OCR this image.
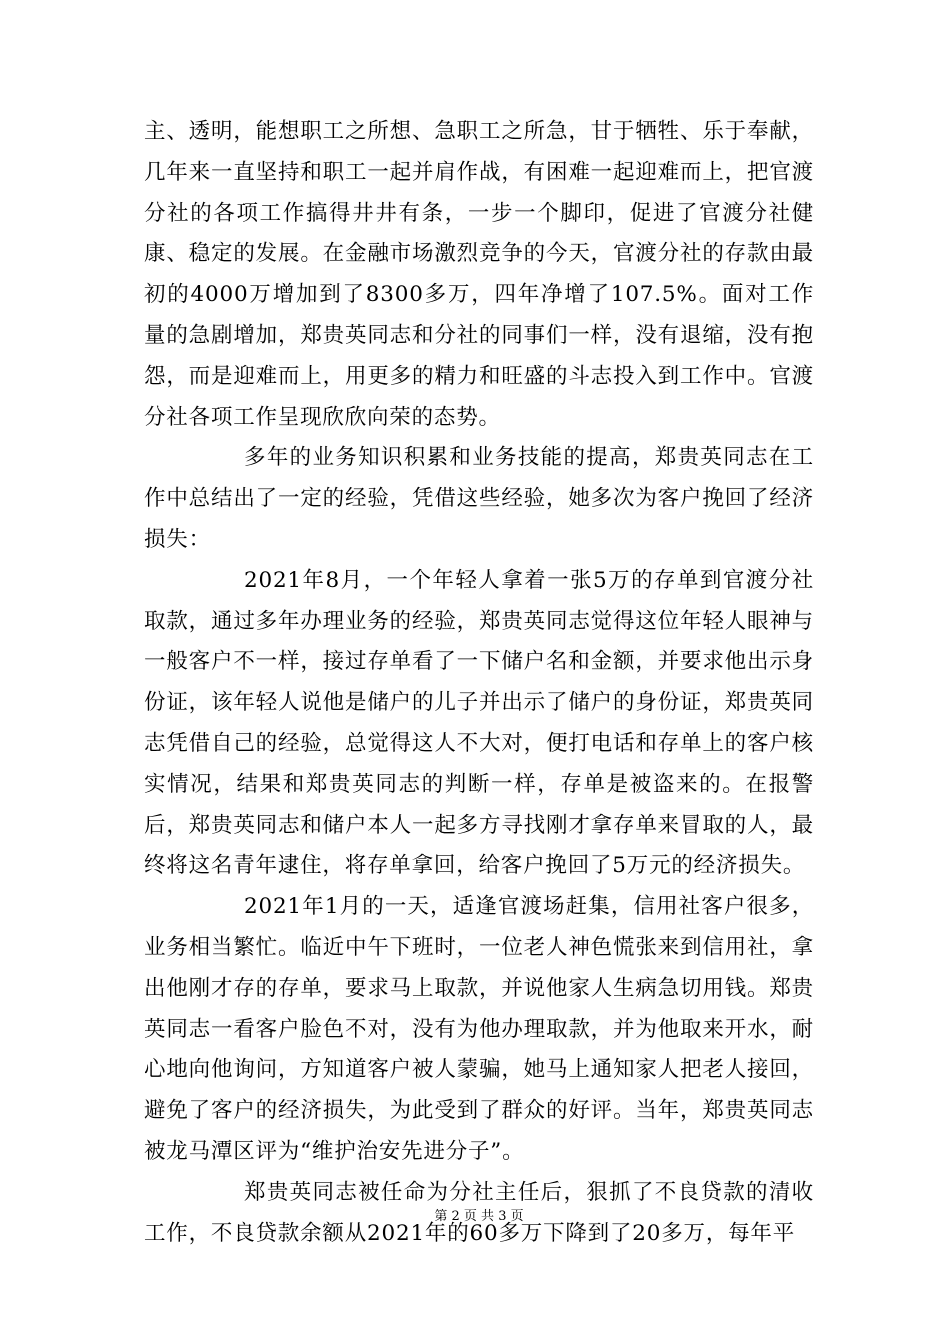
主、透明，能想职工之所想、急职工之所急，甘于牺牲、乐于奉献，几年来一直坚持和职工一起并肩作战，有困难一起迎难而上，把官渡分社的各项工作搞得井井有条，一步一个脚印，促进了官渡分社健康、稳定的发展。在金融市场激烈竞争的今天，官渡分社的存款由最初的4000万增加到了8300多万，四年净增了107.5%。面对工作量的急剧增加，郑贵英同志和分社的同事们一样，没有退缩，没有抱怨，而是迎难而上，用更多的精力和旺盛的斗志投入到工作中。官渡分社各项工作呈现欣欣向荣的态势。

多年的业务知识积累和业务技能的提高，郑贵英同志在工作中总结出了一定的经验，凭借这些经验，她多次为客户挽回了经济损失：

2021年8月，一个年轻人拿着一张5万的存单到官渡分社取款，通过多年办理业务的经验，郑贵英同志觉得这位年轻人眼神与一般客户不一样，接过存单看了一下储户名和金额，并要求他出示身份证，该年轻人说他是储户的儿子并出示了储户的身份证，郑贵英同志凭借自己的经验，总觉得这人不大对，便打电话和存单上的客户核实情况，结果和郑贵英同志的判断一样，存单是被盗来的。在报警后，郑贵英同志和储户本人一起多方寻找刚才拿存单来冒取的人，最终将这名青年逮住，将存单拿回，给客户挽回了5万元的经济损失。

2021年1月的一天，适逢官渡场赶集，信用社客户很多，业务相当繁忙。临近中午下班时，一位老人神色慌张来到信用社，拿出他刚才存的存单，要求马上取款，并说他家人生病急切用钱。郑贵英同志一看客户脸色不对，没有为他办理取款，并为他取来开水，耐心地向他询问，方知道客户被人蒙骗，她马上通知家人把老人接回，避免了客户的经济损失，为此受到了群众的好评。当年，郑贵英同志被龙马潭区评为“维护治安先进分子”。

郑贵英同志被任命为分社主任后，狠抓了不良贷款的清收工作，不良贷款余额从2021年的60多万下降到了20多万，每年平

第 2 页 共 3 页
